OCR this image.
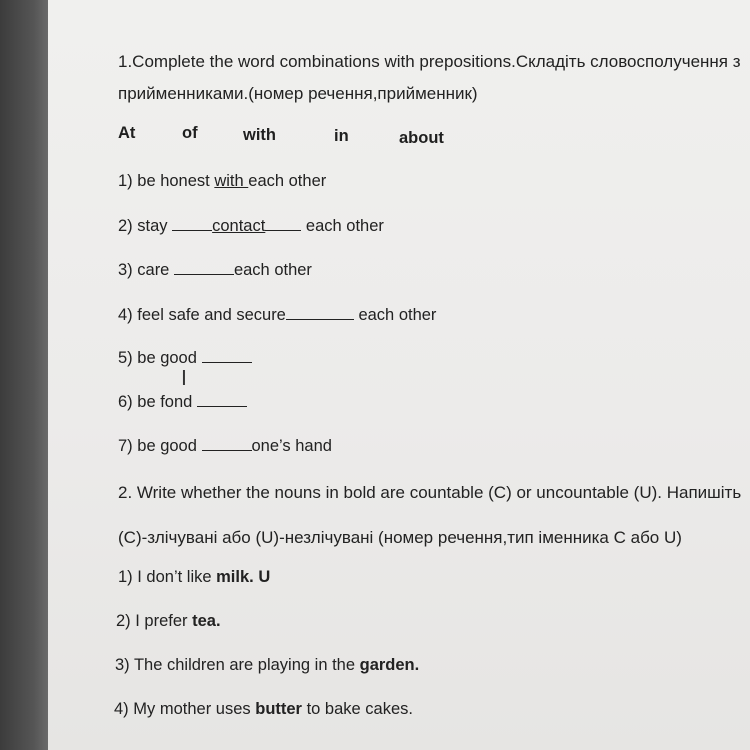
1.Complete the word combinations with prepositions.Складіть словосполучення з
прийменниками.(номер речення,прийменник)
At	of	with	in	about
1) be honest with each other
2) stay contact each other
3) care	each other
4) feel safe and secure	each other
5) be good
6) be fond
7) be good	one’s hand
I
2. Write whether the nouns in bold are countable (C) or uncountable (U). Напишіть
(C)-злічувані або (U)-незлічувані (номер речення,тип іменника C або U)
1) I don’t like milk. U
2) I prefer tea.
3) The children are playing in the garden.
4) My mother uses butter to bake cakes.
